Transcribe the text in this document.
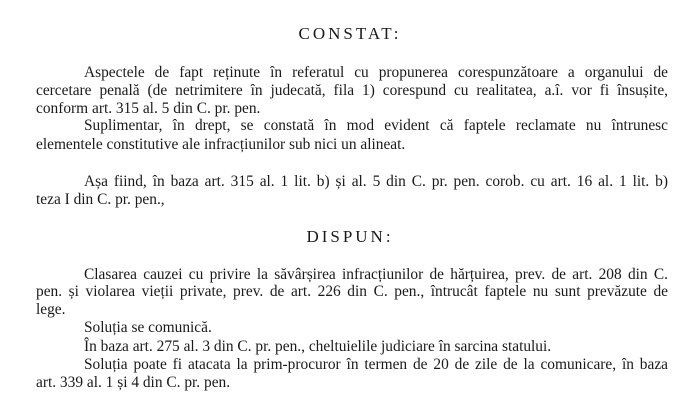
CONSTAT:
Aspectele de fapt reținute în referatul cu propunerea corespunzătoare a organului de
cercetare penală (de netrimitere în judecată, fila 1) corespund cu realitatea, a.î. vor fi însușite,
conform art. 315 al. 5 din C. pr. pen.
Suplimentar, în drept, se constată în mod evident că faptele reclamate nu întrunesc
elementele constitutive ale infracțiunilor sub nici un alineat.
Așa fiind, în baza art. 315 al. 1 lit. b) și al. 5 din C. pr. pen. corob. cu art. 16 al. 1 lit. b)
teza I din C. pr. pen.,
DISPUN:
Clasarea cauzei cu privire la săvârșirea infracțiunilor de hărțuirea, prev. de art. 208 din C.
pen. și violarea vieții private, prev. de art. 226 din C. pen., întrucât faptele nu sunt prevăzute de
lege.
Soluția se comunică.
În baza art. 275 al. 3 din C. pr. pen., cheltuielile judiciare în sarcina statului.
Soluția poate fi atacata la prim-procuror în termen de 20 de zile de la comunicare, în baza
art. 339 al. 1 și 4 din C. pr. pen.
